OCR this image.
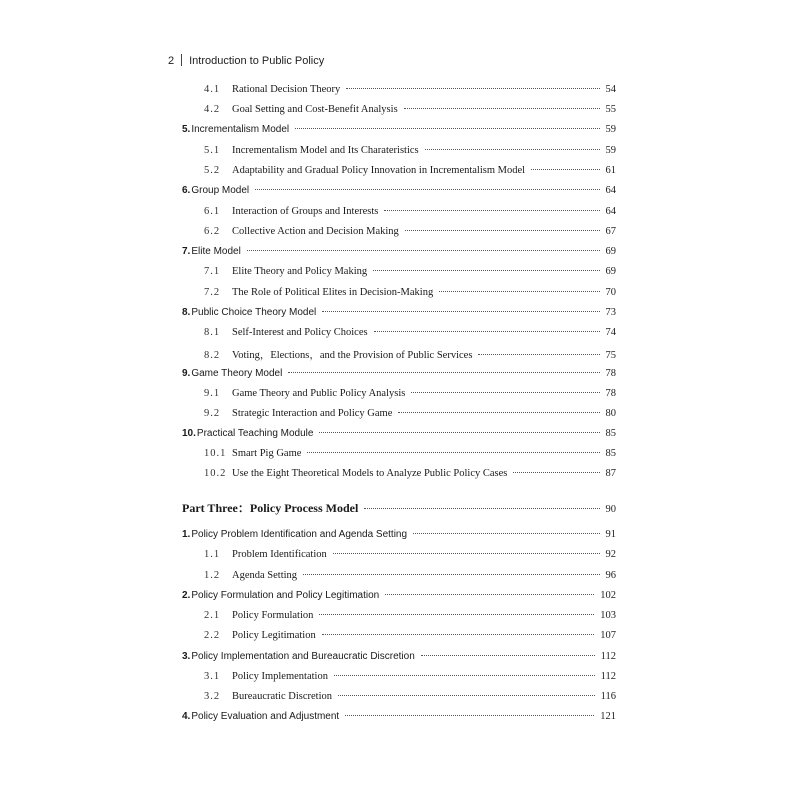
2 Introduction to Public Policy
4.1	Rational Decision Theory	54
4.2	Goal Setting and Cost-Benefit Analysis	55
5. Incrementalism Model	59
5.1	Incrementalism Model and Its Charateristics	59
5.2	Adaptability and Gradual Policy Innovation in Incrementalism Model	61
6. Group Model	64
6.1	Interaction of Groups and Interests	64
6.2	Collective Action and Decision Making	67
7. Elite Model	69
7.1	Elite Theory and Policy Making	69
7.2	The Role of Political Elites in Decision-Making	70
8. Public Choice Theory Model	73
8.1	Self-Interest and Policy Choices	74
8.2	Voting，Elections，and the Provision of Public Services	75
9. Game Theory Model	78
9.1	Game Theory and Public Policy Analysis	78
9.2	Strategic Interaction and Policy Game	80
10. Practical Teaching Module	85
10.1 Smart Pig Game	85
10.2 Use the Eight Theoretical Models to Analyze Public Policy Cases	87
Part Three：Policy Process Model	90
1. Policy Problem Identification and Agenda Setting	91
1.1	Problem Identification	92
1.2	Agenda Setting	96
2. Policy Formulation and Policy Legitimation	102
2.1	Policy Formulation	103
2.2	Policy Legitimation	107
3. Policy Implementation and Bureaucratic Discretion	112
3.1	Policy Implementation	112
3.2	Bureaucratic Discretion	116
4. Policy Evaluation and Adjustment	121
